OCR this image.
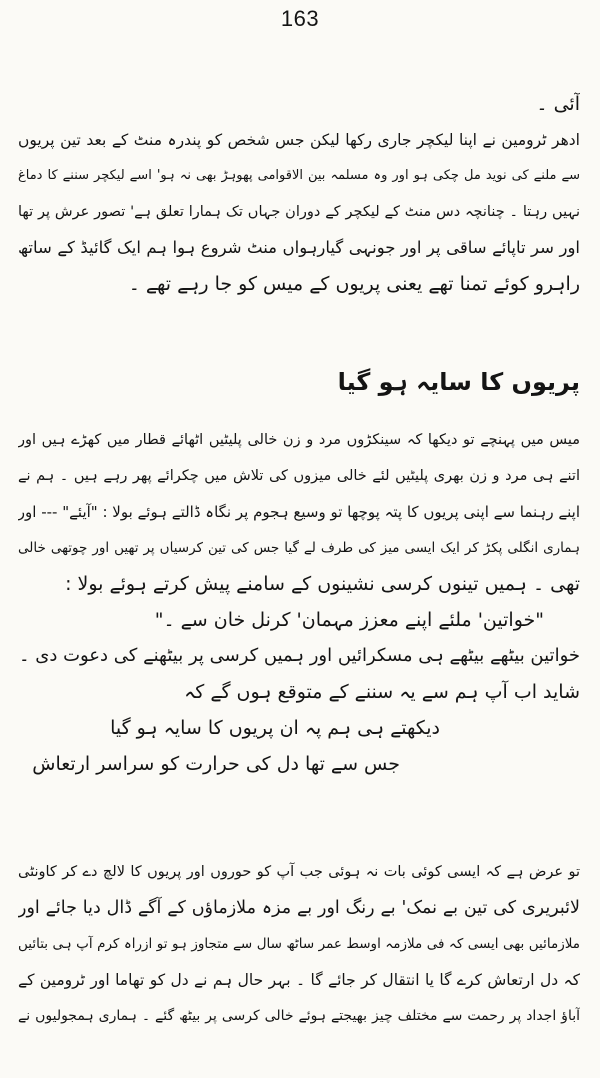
163
آئی ۔
ادھر ٹرومین نے اپنا لیکچر جاری رکھا لیکن جس شخص کو پندرہ منٹ کے بعد تین پریوں
سے ملنے کی نوید مل چکی ہو اور وہ مسلمہ بین الاقوامی پھوہڑ بھی نہ ہو' اسے لیکچر سننے کا دماغ
نہیں رہتا ۔ چنانچہ دس منٹ کے لیکچر کے دوران جہاں تک ہمارا تعلق ہے' تصور عرش پر تھا
اور سر تاپائے ساقی پر اور جونہی گیارہواں منٹ شروع ہوا ہم ایک گائیڈ کے ساتھ
راہرو کوئے تمنا تھے یعنی پریوں کے میس کو جا رہے تھے ۔
پریوں کا سایہ ہو گیا
میس میں پہنچے تو دیکھا کہ سینکڑوں مرد و زن خالی پلیٹیں اٹھائے قطار میں کھڑے ہیں اور
اتنے ہی مرد و زن بھری پلیٹیں لئے خالی میزوں کی تلاش میں چکرائے پھر رہے ہیں ۔ ہم نے
اپنے رہنما سے اپنی پریوں کا پتہ پوچھا تو وسیع ہجوم پر نگاہ ڈالتے ہوئے بولا : "آیئے" --- اور
ہماری انگلی پکڑ کر ایک ایسی میز کی طرف لے گیا جس کی تین کرسیاں پر تھیں اور چوتھی خالی
تھی ۔ ہمیں تینوں کرسی نشینوں کے سامنے پیش کرتے ہوئے بولا :
"خواتین' ملئے اپنے معزز مہمان' کرنل خان سے ۔"
خواتین بیٹھے بیٹھے ہی مسکرائیں اور ہمیں کرسی پر بیٹھنے کی دعوت دی ۔
شاید اب آپ ہم سے یہ سننے کے متوقع ہوں گے کہ
دیکھتے ہی ہم پہ ان پریوں کا سایہ ہو گیا
جس سے تھا دل کی حرارت کو سراسر ارتعاش
تو عرض ہے کہ ایسی کوئی بات نہ ہوئی جب آپ کو حوروں اور پریوں کا لالچ دے کر کاونٹی
لائبریری کی تین بے نمک' بے رنگ اور بے مزہ ملازماؤں کے آگے ڈال دیا جائے اور
ملازمائیں بھی ایسی کہ فی ملازمہ اوسط عمر ساٹھ سال سے متجاوز ہو تو ازراہ کرم آپ ہی بتائیں
کہ دل ارتعاش کرے گا یا انتقال کر جائے گا ۔ بہر حال ہم نے دل کو تھاما اور ٹرومین کے
آباؤ اجداد پر رحمت سے مختلف چیز بھیجتے ہوئے خالی کرسی پر بیٹھ گئے ۔ ہماری ہمجولیوں نے
